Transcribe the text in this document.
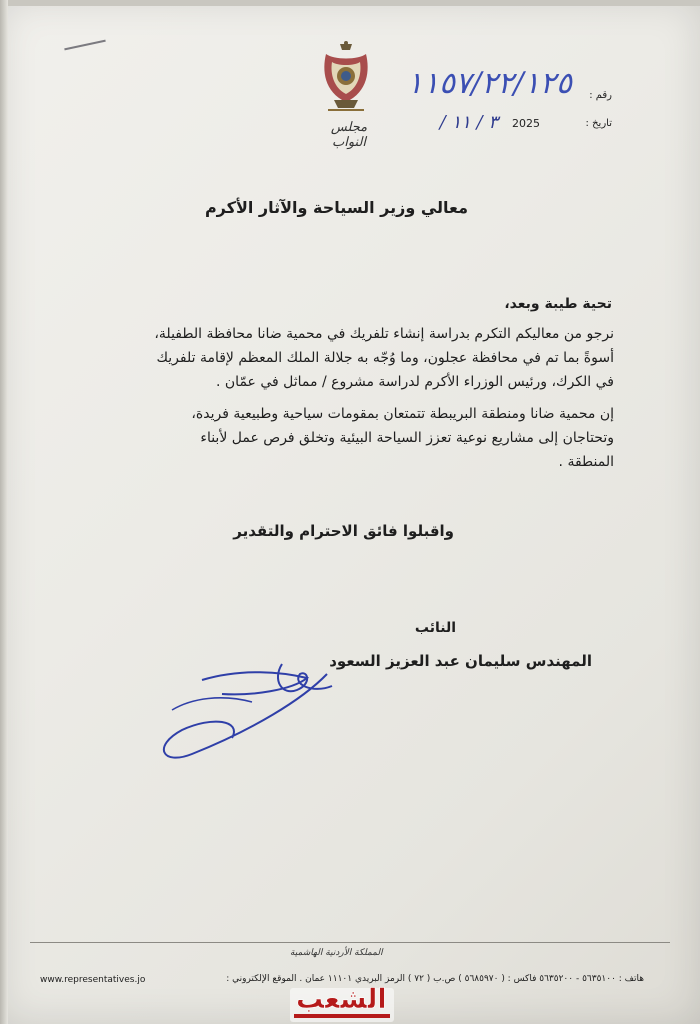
مجلس النواب
رقم :
١١٥٧/٢٢/١٢٥
تاريخ :
٣ / ١١ / 2025
معالي وزير السياحة والآثار الأكرم
تحية طيبة وبعد،
نرجو من معاليكم التكرم بدراسة إنشاء تلفريك في محمية ضانا محافظة الطفيلة،
أسوةً بما تم في محافظة عجلون، وما وُجّه به جلالة الملك المعظم لإقامة تلفريك
في الكرك، ورئيس الوزراء الأكرم لدراسة مشروع / مماثل في عمّان .
إن محمية ضانا ومنطقة البريبطة تتمتعان بمقومات سياحية وطبيعية فريدة،
وتحتاجان إلى مشاريع نوعية تعزز السياحة البيئية وتخلق فرص عمل لأبناء
المنطقة .
واقبلوا فائق الاحترام والتقدير
النائب
المهندس سليمان عبد العزيز السعود
المملكة الأردنية الهاشمية
هاتف : ٥٦٣٥١٠٠ - ٥٦٣٥٢٠٠ فاكس : ( ٥٦٨٥٩٧٠ ) ص.ب ( ٧٢ ) الرمز البريدي ١١١٠١ عمان . الموقع الإلكتروني :
www.representatives.jo
الشعب
